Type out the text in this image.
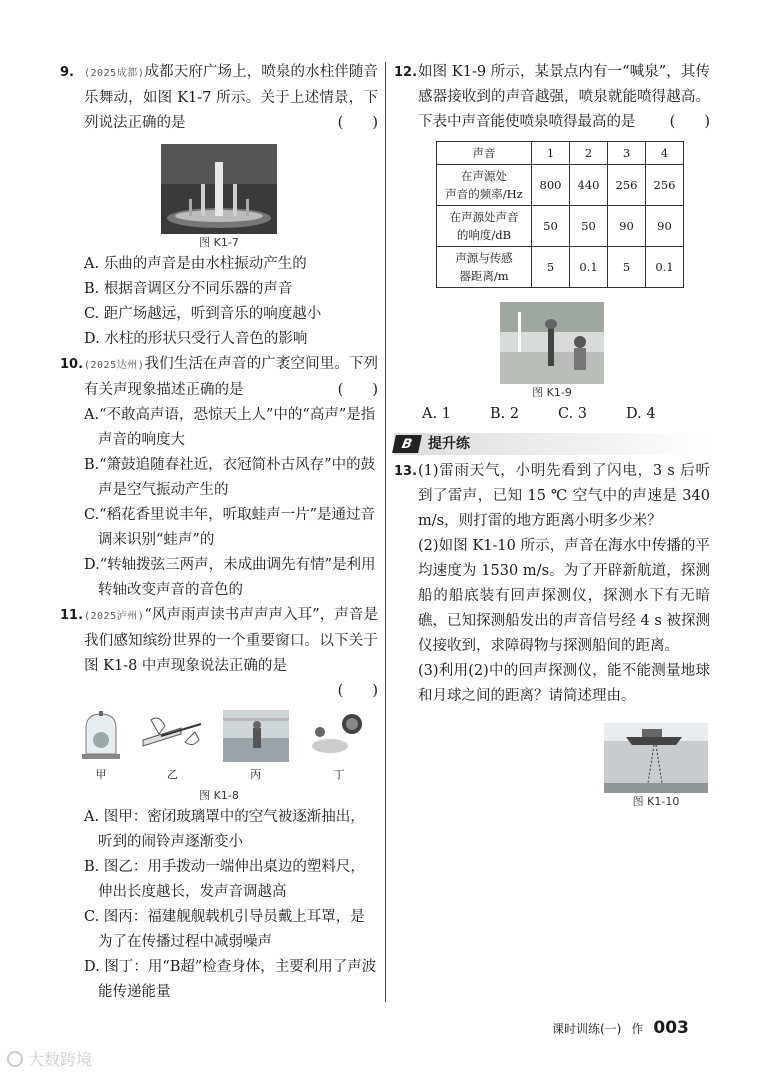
9.	(2025成都)成都天府广场上，喷泉的水柱伴随音乐舞动，如图 K1-7 所示。关于上述情景，下列说法正确的是	(　　)
图 K1-7
A. 乐曲的声音是由水柱振动产生的
B. 根据音调区分不同乐器的声音
C. 距广场越远，听到音乐的响度越小
D. 水柱的形状只受行人音色的影响
10. (2025达州)我们生活在声音的广袤空间里。下列有关声现象描述正确的是	(　　)
A.“不敢高声语，恐惊天上人”中的“高声”是指声音的响度大
B.“箫鼓追随春社近，衣冠简朴古风存”中的鼓声是空气振动产生的
C.“稻花香里说丰年，听取蛙声一片”是通过音调来识别“蛙声”的
D.“转轴拨弦三两声，未成曲调先有情”是利用转轴改变声音的音色的
11. (2025泸州)“风声雨声读书声声声入耳”，声音是我们感知缤纷世界的一个重要窗口。以下关于图 K1-8 中声现象说法正确的是
(　　)
甲	乙	丙	丁
图 K1-8
A. 图甲：密闭玻璃罩中的空气被逐渐抽出，听到的闹铃声逐渐变小
B. 图乙：用手拨动一端伸出桌边的塑料尺，伸出长度越长，发声音调越高
C. 图丙：福建舰舰载机引导员戴上耳罩，是为了在传播过程中减弱噪声
D. 图丁：用“B超”检查身体，主要利用了声波能传递能量
12. 如图 K1-9 所示，某景点内有一“喊泉”，其传感器接收到的声音越强，喷泉就能喷得越高。下表中声音能使喷泉喷得最高的是 (　　)
声音	1	2	3	4

在声源处
声音的频率/Hz	800	440	256	256

在声源处声音
的响度/dB	50	50	90	90

声源与传感
器距离/m	5	0.1	5	0.1
图 K1-9
A. 1	B. 2	C. 3	D. 4
B	提升练
13. (1)雷雨天气，小明先看到了闪电，3 s 后听到了雷声，已知 15 ℃ 空气中的声速是 340 m/s，则打雷的地方距离小明多少米？
(2)如图 K1-10 所示，声音在海水中传播的平均速度为 1530 m/s。为了开辟新航道，探测船的船底装有回声探测仪，探测水下有无暗礁，已知探测船发出的声音信号经 4 s 被探测仪接收到，求障碍物与探测船间的距离。
(3)利用(2)中的回声探测仪，能不能测量地球和月球之间的距离？请简述理由。
图 K1-10
课时训练(一) 作 003
大数跨境
